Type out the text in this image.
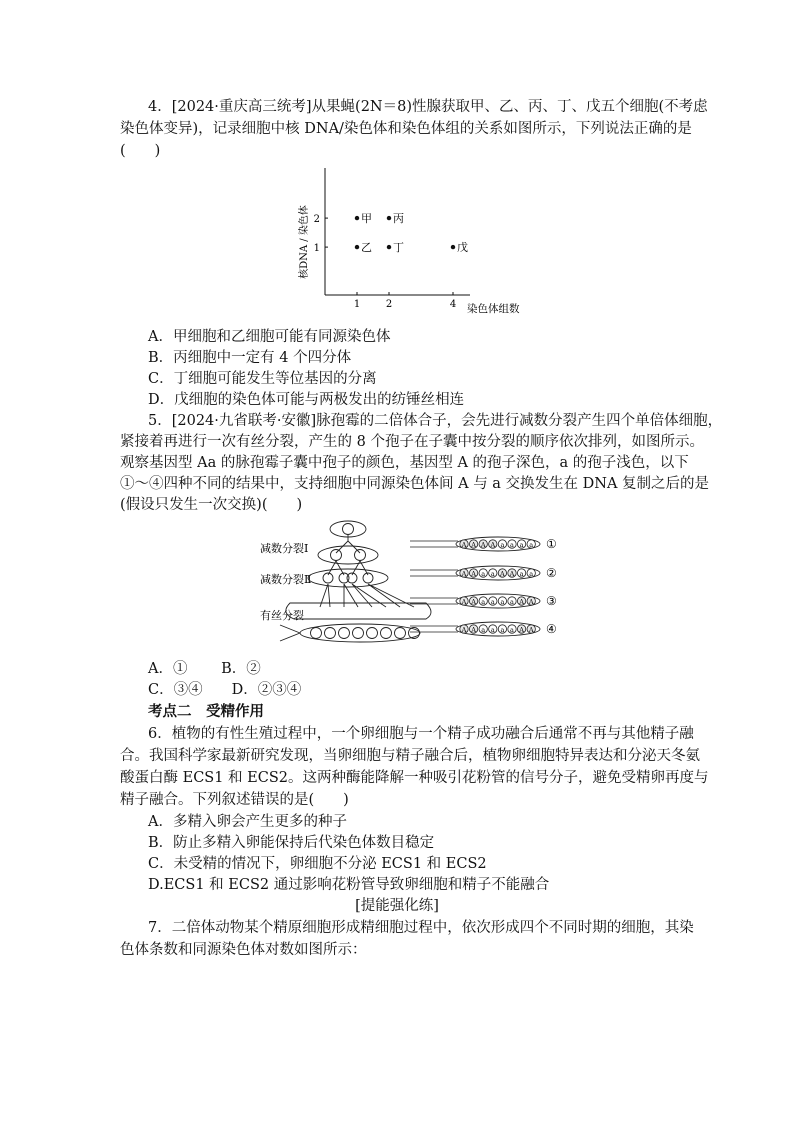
4．[2024·重庆高三统考]从果蝇(2N＝8)性腺获取甲、乙、丙、丁、戊五个细胞(不考虑
染色体变异)，记录细胞中核 DNA/染色体和染色体组的关系如图所示，下列说法正确的是
(　　)
核DNA / 染色体
染色体组数
1	2	4
1
2	甲 丙
乙 丁	戊
A．甲细胞和乙细胞可能有同源染色体
B．丙细胞中一定有 4 个四分体
C．丁细胞可能发生等位基因的分离
D．戊细胞的染色体可能与两极发出的纺锤丝相连
5．[2024·九省联考·安徽]脉孢霉的二倍体合子，会先进行减数分裂产生四个单倍体细胞，
紧接着再进行一次有丝分裂，产生的 8 个孢子在子囊中按分裂的顺序依次排列，如图所示。
观察基因型 Aa 的脉孢霉子囊中孢子的颜色，基因型 A 的孢子深色，a 的孢子浅色，以下
①～④四种不同的结果中，支持细胞中同源染色体间 A 与 a 交换发生在 DNA 复制之后的是
(假设只发生一次交换)(　　)
减数分裂Ⅰ
减数分裂Ⅱ
有丝分裂
A A A A a a a a ①
A A a a A A a a ②
A A a a a a A A ③
A A a a a a A A ④
A．①　　 B．②
C．③④　　D．②③④
考点二　受精作用
6．植物的有性生殖过程中，一个卵细胞与一个精子成功融合后通常不再与其他精子融
合。我国科学家最新研究发现，当卵细胞与精子融合后，植物卵细胞特异表达和分泌天冬氨
酸蛋白酶 ECS1 和 ECS2。这两种酶能降解一种吸引花粉管的信号分子，避免受精卵再度与
精子融合。下列叙述错误的是(　　)
A．多精入卵会产生更多的种子
B．防止多精入卵能保持后代染色体数目稳定
C．未受精的情况下，卵细胞不分泌 ECS1 和 ECS2
D.ECS1 和 ECS2 通过影响花粉管导致卵细胞和精子不能融合
[提能强化练]
7．二倍体动物某个精原细胞形成精细胞过程中，依次形成四个不同时期的细胞，其染
色体条数和同源染色体对数如图所示：
